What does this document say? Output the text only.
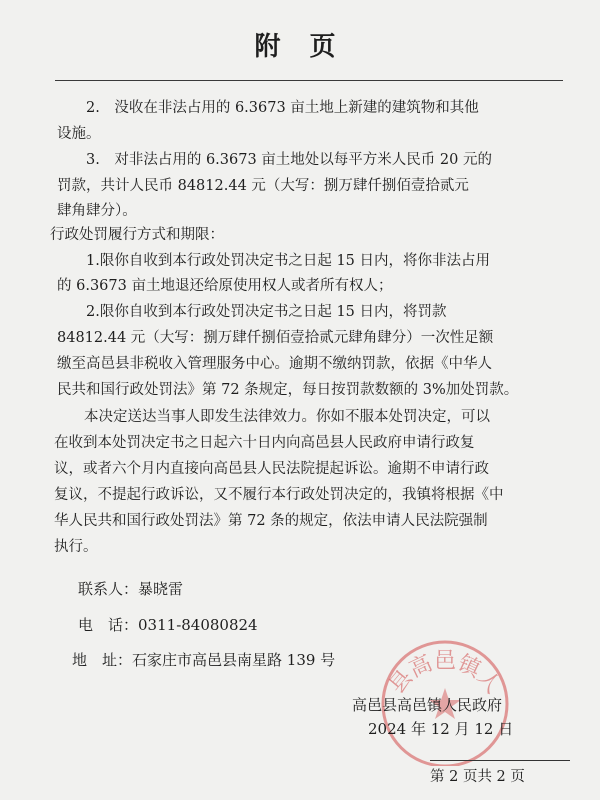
附 页
2.　没收在非法占用的 6.3673 亩土地上新建的建筑物和其他
设施。
3.　对非法占用的 6.3673 亩土地处以每平方米人民币 20 元的
罚款，共计人民币 84812.44 元（大写：捌万肆仟捌佰壹拾贰元
肆角肆分）。
行政处罚履行方式和期限：
1.限你自收到本行政处罚决定书之日起 15 日内，将你非法占用
的 6.3673 亩土地退还给原使用权人或者所有权人；
2.限你自收到本行政处罚决定书之日起 15 日内，将罚款
84812.44 元（大写：捌万肆仟捌佰壹拾贰元肆角肆分）一次性足额
缴至高邑县非税收入管理服务中心。逾期不缴纳罚款，依据《中华人
民共和国行政处罚法》第 72 条规定，每日按罚款数额的 3%加处罚款。
本决定送达当事人即发生法律效力。你如不服本处罚决定，可以
在收到本处罚决定书之日起六十日内向高邑县人民政府申请行政复
议，或者六个月内直接向高邑县人民法院提起诉讼。逾期不申请行政
复议，不提起行政诉讼，又不履行本行政处罚决定的，我镇将根据《中
华人民共和国行政处罚法》第 72 条的规定，依法申请人民法院强制
执行。
联系人：暴晓雷
电　话：0311-84080824
地　址：石家庄市高邑县南星路 139 号
县高邑镇人
高邑县高邑镇人民政府
2024 年 12 月 12 日
第 2 页共 2 页
